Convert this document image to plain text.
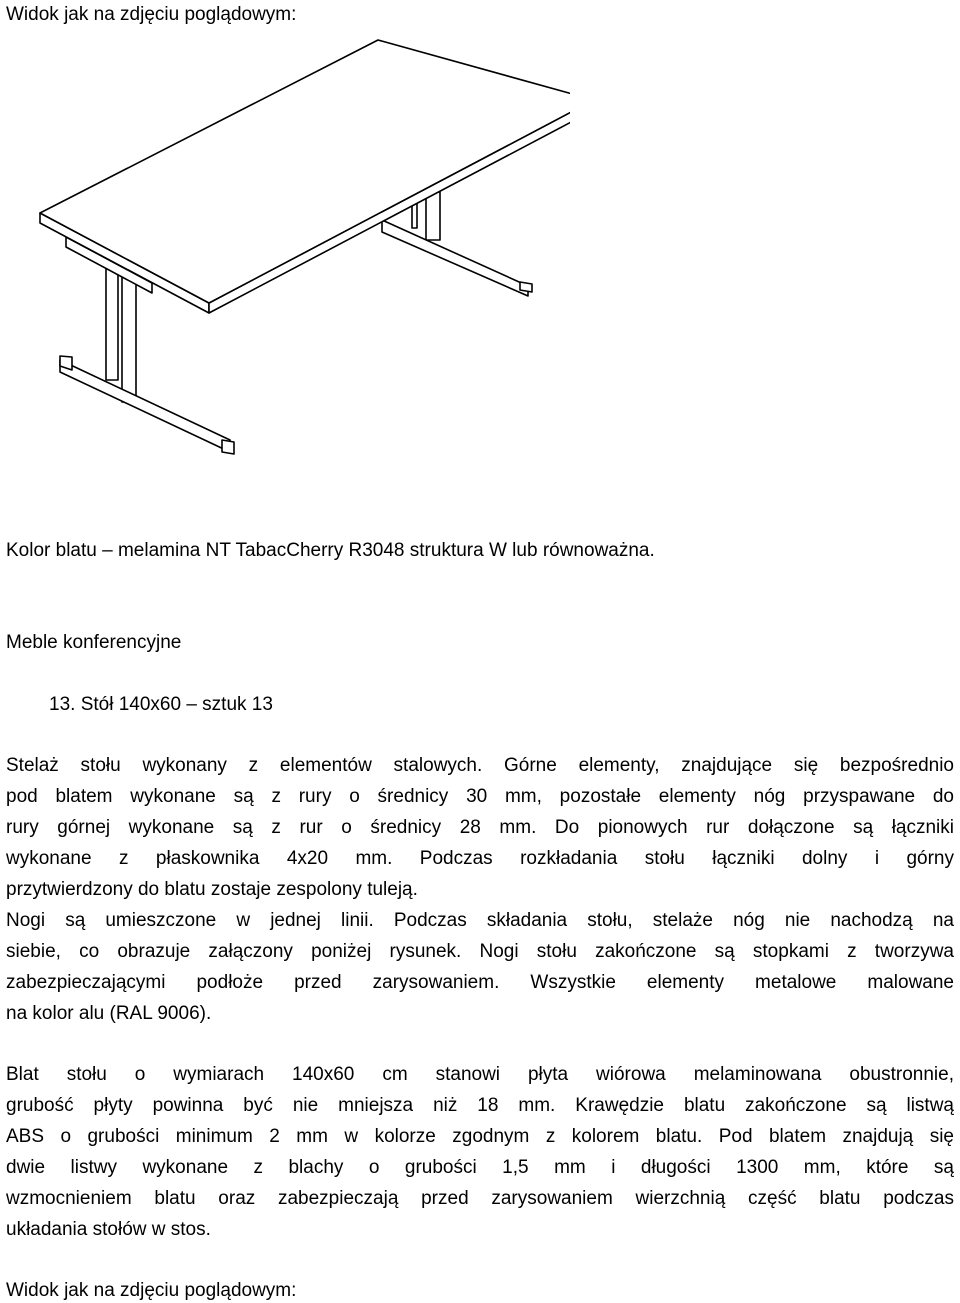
Widok jak na zdjęciu poglądowym:
Kolor blatu – melamina NT TabacCherry R3048 struktura W lub równoważna.
Meble konferencyjne
13. Stół 140x60 – sztuk 13
Stelaż stołu wykonany z elementów stalowych. Górne elementy, znajdujące się bezpośrednio
pod blatem wykonane są z rury o średnicy 30 mm, pozostałe elementy nóg przyspawane do
rury górnej wykonane są z rur o średnicy 28 mm. Do pionowych rur dołączone są łączniki
wykonane z płaskownika 4x20 mm. Podczas rozkładania stołu łączniki dolny i górny
przytwierdzony do blatu zostaje zespolony tuleją.
Nogi są umieszczone w jednej linii. Podczas składania stołu, stelaże nóg nie nachodzą na
siebie, co obrazuje załączony poniżej rysunek. Nogi stołu zakończone są stopkami z tworzywa
zabezpieczającymi podłoże przed zarysowaniem. Wszystkie elementy metalowe malowane
na kolor alu (RAL 9006).
Blat stołu o wymiarach 140x60 cm stanowi płyta wiórowa melaminowana obustronnie,
grubość płyty powinna być nie mniejsza niż 18 mm. Krawędzie blatu zakończone są listwą
ABS o grubości minimum 2 mm w kolorze zgodnym z kolorem blatu. Pod blatem znajdują się
dwie listwy wykonane z blachy o grubości 1,5 mm i długości 1300 mm, które są
wzmocnieniem blatu oraz zabezpieczają przed zarysowaniem wierzchnią część blatu podczas
układania stołów w stos.
Widok jak na zdjęciu poglądowym:
